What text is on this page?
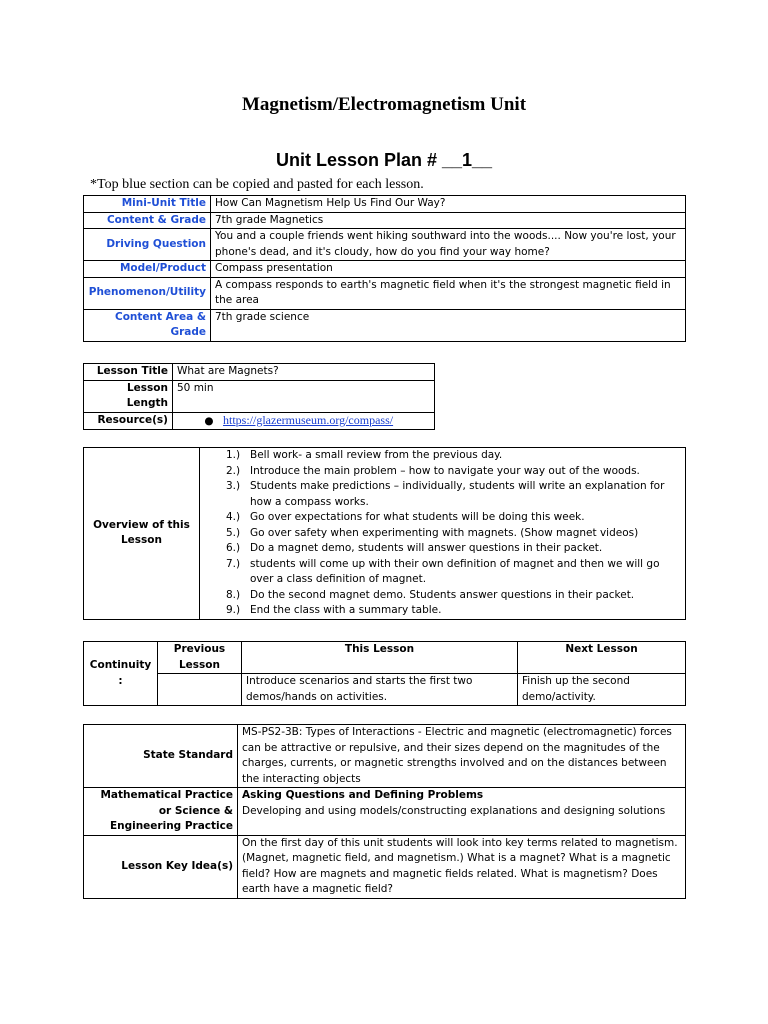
Magnetism/Electromagnetism Unit
Unit Lesson Plan # __1__
*Top blue section can be copied and pasted for each lesson.
Mini-Unit Title	How Can Magnetism Help Us Find Our Way?
Content & Grade	7th grade Magnetics
Driving Question	You and a couple friends went hiking southward into the woods.... Now you're lost, your phone's dead, and it's cloudy, how do you find your way home?
Model/Product	Compass presentation
Phenomenon/Utility	A compass responds to earth's magnetic field when it's the strongest magnetic field in the area
Content Area & Grade	7th grade science
Lesson Title	What are Magnets?
Lesson Length	50 min
Resource(s)	● https://glazermuseum.org/compass/
Overview of this Lesson	
1.) Bell work- a small review from the previous day.
2.) Introduce the main problem – how to navigate your way out of the woods.
3.) Students make predictions – individually, students will write an explanation for how a compass works.
4.) Go over expectations for what students will be doing this week.
5.) Go over safety when experimenting with magnets. (Show magnet videos)
6.) Do a magnet demo, students will answer questions in their packet.
7.) students will come up with their own definition of magnet and then we will go over a class definition of magnet.
8.) Do the second magnet demo. Students answer questions in their packet.
9.) End the class with a summary table.
Continuity :	Previous Lesson	This Lesson	Next Lesson
		Introduce scenarios and starts the first two demos/hands on activities.	Finish up the second demo/activity.
State Standard	MS-PS2-3B: Types of Interactions - Electric and magnetic (electromagnetic) forces can be attractive or repulsive, and their sizes depend on the magnitudes of the charges, currents, or magnetic strengths involved and on the distances between the interacting objects
Mathematical Practice or Science & Engineering Practice	Asking Questions and Defining Problems
Developing and using models/constructing explanations and designing solutions

Lesson Key Idea(s)	On the first day of this unit students will look into key terms related to magnetism. (Magnet, magnetic field, and magnetism.) What is a magnet? What is a magnetic field? How are magnets and magnetic fields related. What is magnetism? Does earth have a magnetic field?
